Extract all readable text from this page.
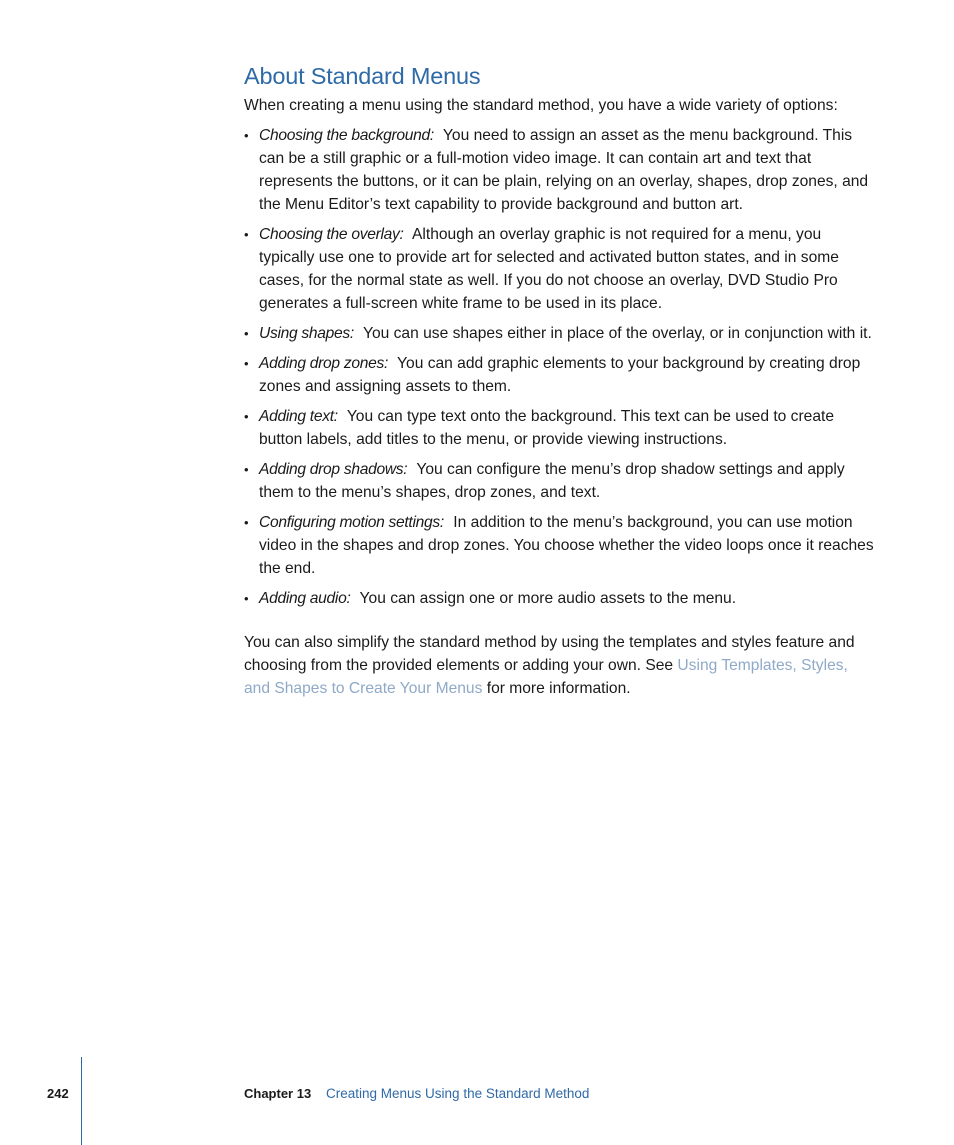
About Standard Menus

When creating a menu using the standard method, you have a wide variety of options:

• Choosing the background: You need to assign an asset as the menu background. This can be a still graphic or a full-motion video image. It can contain art and text that represents the buttons, or it can be plain, relying on an overlay, shapes, drop zones, and the Menu Editor’s text capability to provide background and button art.
• Choosing the overlay: Although an overlay graphic is not required for a menu, you typically use one to provide art for selected and activated button states, and in some cases, for the normal state as well. If you do not choose an overlay, DVD Studio Pro generates a full-screen white frame to be used in its place.
• Using shapes: You can use shapes either in place of the overlay, or in conjunction with it.
• Adding drop zones: You can add graphic elements to your background by creating drop zones and assigning assets to them.
• Adding text: You can type text onto the background. This text can be used to create button labels, add titles to the menu, or provide viewing instructions.
• Adding drop shadows: You can configure the menu’s drop shadow settings and apply them to the menu’s shapes, drop zones, and text.
• Configuring motion settings: In addition to the menu’s background, you can use motion video in the shapes and drop zones. You choose whether the video loops once it reaches the end.
• Adding audio: You can assign one or more audio assets to the menu.

You can also simplify the standard method by using the templates and styles feature and choosing from the provided elements or adding your own. See Using Templates, Styles, and Shapes to Create Your Menus for more information.

242	Chapter 13 Creating Menus Using the Standard Method
